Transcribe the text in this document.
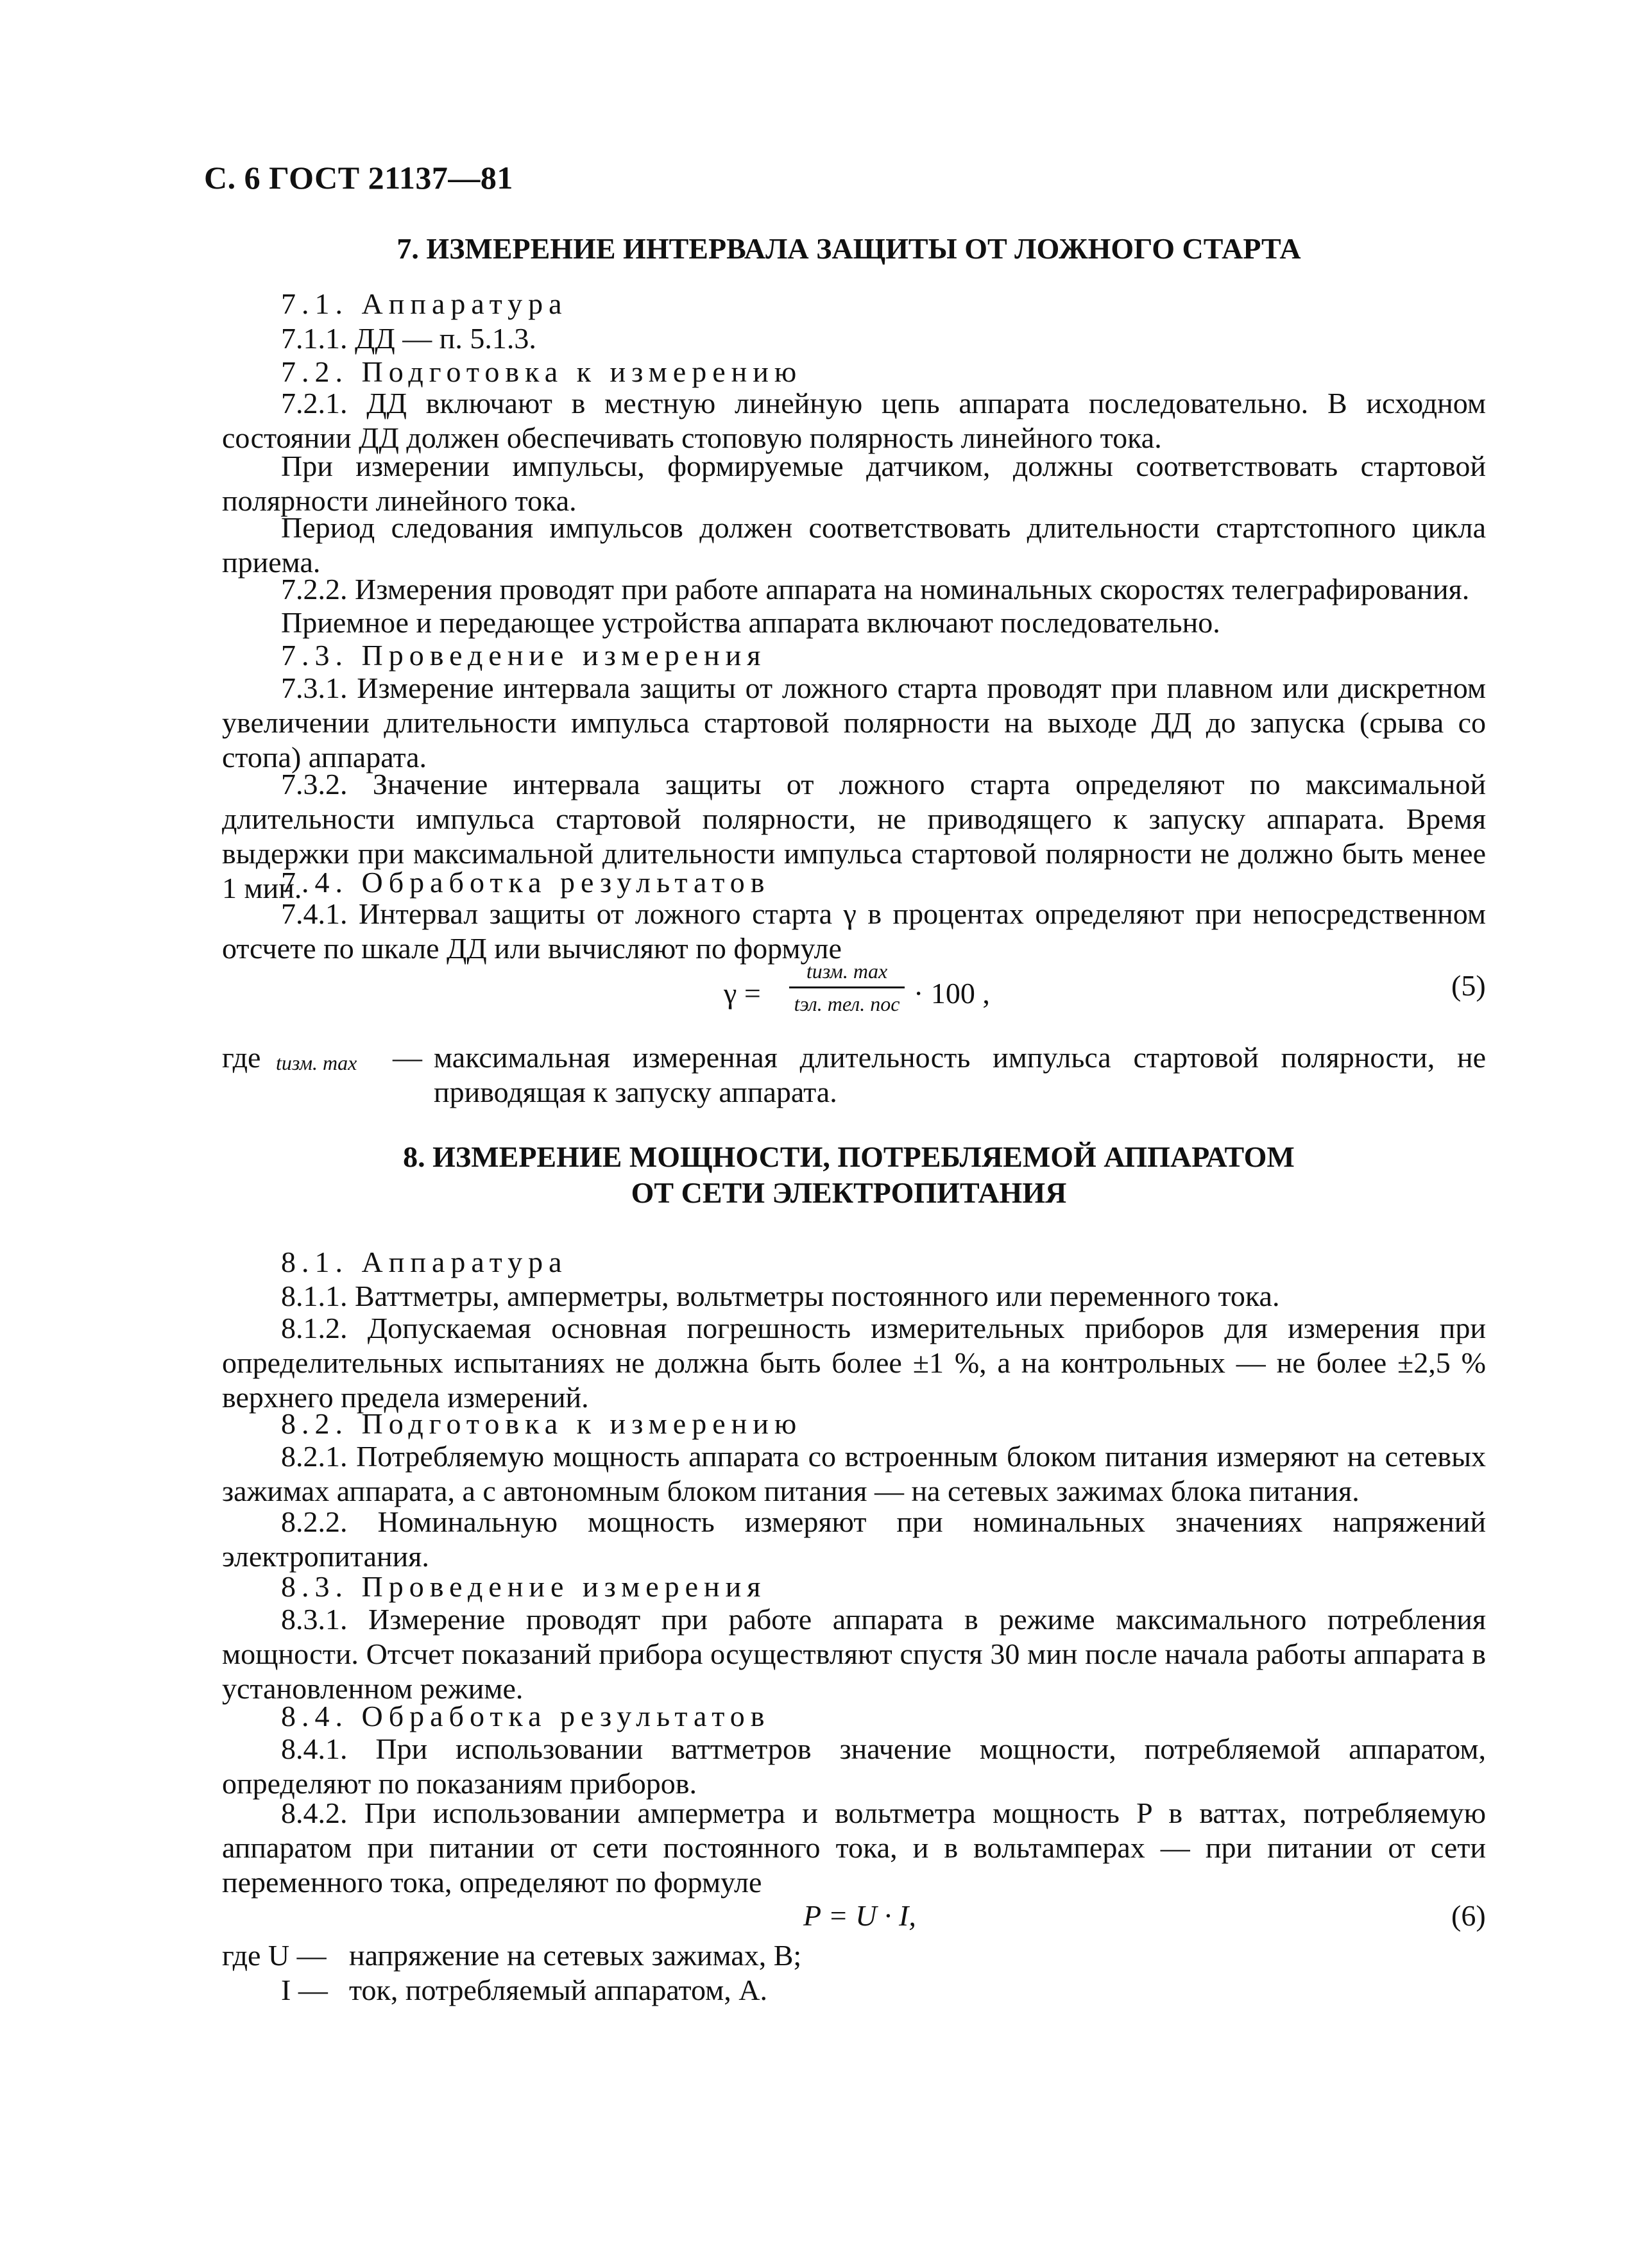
С. 6 ГОСТ 21137—81
7. ИЗМЕРЕНИЕ ИНТЕРВАЛА ЗАЩИТЫ ОТ ЛОЖНОГО СТАРТА
7.1. Аппаратура
7.1.1. ДД — п. 5.1.3.
7.2. Подготовка к измерению
7.2.1. ДД включают в местную линейную цепь аппарата последовательно. В исходном состоянии ДД должен обеспечивать стоповую полярность линейного тока.
При измерении импульсы, формируемые датчиком, должны соответствовать стартовой полярности линейного тока.
Период следования импульсов должен соответствовать длительности стартстопного цикла приема.
7.2.2. Измерения проводят при работе аппарата на номинальных скоростях телеграфирования.
Приемное и передающее устройства аппарата включают последовательно.
7.3. Проведение измерения
7.3.1. Измерение интервала защиты от ложного старта проводят при плавном или дискретном увеличении длительности импульса стартовой полярности на выходе ДД до запуска (срыва со стопа) аппарата.
7.3.2. Значение интервала защиты от ложного старта определяют по максимальной длительности импульса стартовой полярности, не приводящего к запуску аппарата. Время выдержки при максимальной длительности импульса стартовой полярности не должно быть менее 1 мин.
7.4. Обработка результатов
7.4.1. Интервал защиты от ложного старта γ в процентах определяют при непосредственном отсчете по шкале ДД или вычисляют по формуле
γ =
tизм. max
tэл. тел. пос · 100 ,	(5)
где tизм. max — максимальная измеренная длительность импульса стартовой полярности, не приводящая к запуску аппарата.
8. ИЗМЕРЕНИЕ МОЩНОСТИ, ПОТРЕБЛЯЕМОЙ АППАРАТОМ
ОТ СЕТИ ЭЛЕКТРОПИТАНИЯ
8.1. Аппаратура
8.1.1. Ваттметры, амперметры, вольтметры постоянного или переменного тока.
8.1.2. Допускаемая основная погрешность измерительных приборов для измерения при определительных испытаниях не должна быть более ±1 %, а на контрольных — не более ±2,5 % верхнего предела измерений.
8.2. Подготовка к измерению
8.2.1. Потребляемую мощность аппарата со встроенным блоком питания измеряют на сетевых зажимах аппарата, а с автономным блоком питания — на сетевых зажимах блока питания.
8.2.2. Номинальную мощность измеряют при номинальных значениях напряжений электропитания.
8.3. Проведение измерения
8.3.1. Измерение проводят при работе аппарата в режиме максимального потребления мощности. Отсчет показаний прибора осуществляют спустя 30 мин после начала работы аппарата в установленном режиме.
8.4. Обработка результатов
8.4.1. При использовании ваттметров значение мощности, потребляемой аппаратом, определяют по показаниям приборов.
8.4.2. При использовании амперметра и вольтметра мощность P в ваттах, потребляемую аппаратом при питании от сети постоянного тока, и в вольтамперах — при питании от сети переменного тока, определяют по формуле
P = U · I,	(6)
где U — напряжение на сетевых зажимах, В;
I — ток, потребляемый аппаратом, А.
